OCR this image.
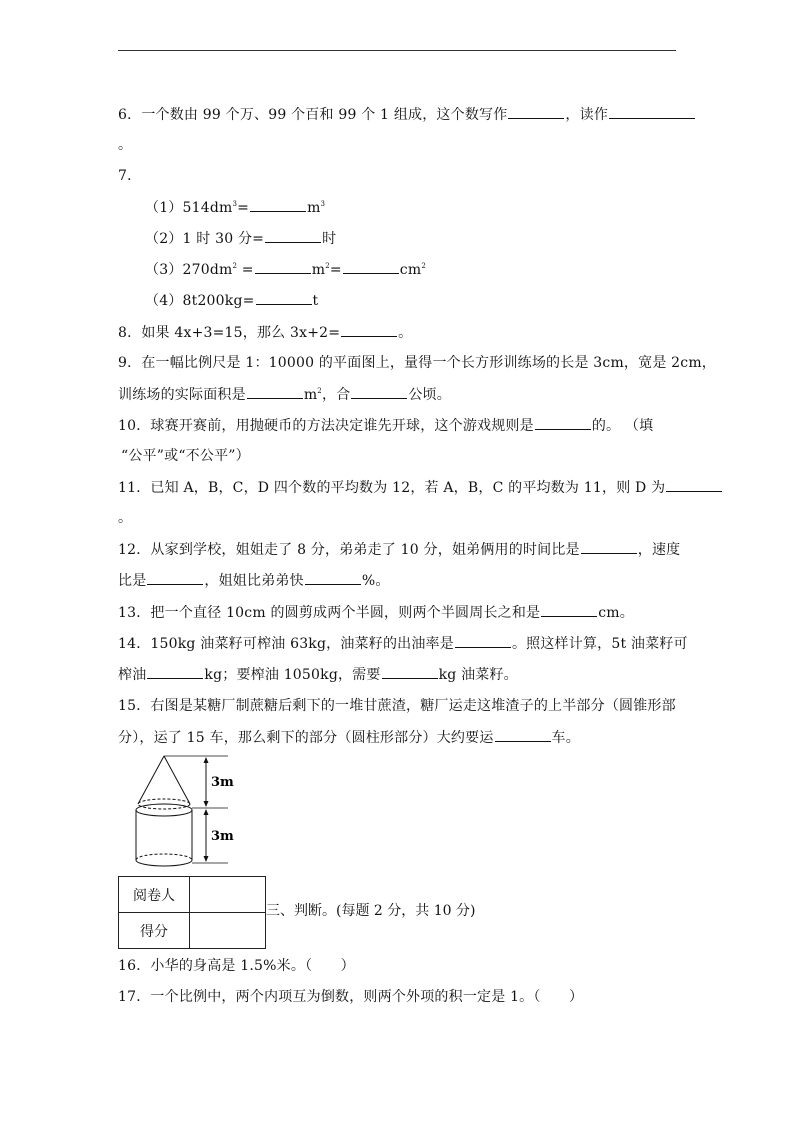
6．一个数由 99 个万、99 个百和 99 个 1 组成，这个数写作	，读作
。
7．
$(1)514dm^3=$	$m^3$
（2）1 时 30 分=	时
$(3)270dm^2$ =	$m^2=$	$cm^2$
（4）8t200kg=	t
8．如果 4x+3=15，那么 3x+2=	。
9．在一幅比例尺是 1：10000 的平面图上，量得一个长方形训练场的长是 3cm，宽是 2cm，
训练场的实际面积是	$m^2$，合	公顷。
10．球赛开赛前，用抛硬币的方法决定谁先开球，这个游戏规则是	的。 （填
“公平”或“不公平”）
11．已知 A，B，C，D 四个数的平均数为 12，若 A，B，C 的平均数为 11，则 D 为
。
12．从家到学校，姐姐走了 8 分，弟弟走了 10 分，姐弟俩用的时间比是	，速度
比是	，姐姐比弟弟快	%。
13．把一个直径 10cm 的圆剪成两个半圆，则两个半圆周长之和是	cm。
14．150kg 油菜籽可榨油 63kg，油菜籽的出油率是	。照这样计算，5t 油菜籽可
榨油	kg；要榨油 1050kg，需要	kg 油菜籽。
15．右图是某糖厂制蔗糖后剩下的一堆甘蔗渣，糖厂运走这堆渣子的上半部分（圆锥形部
分），运了 15 车，那么剩下的部分（圆柱形部分）大约要运	车。
3m
3m
阅卷人	
得分	
三、判断。(每题 2 分，共 10 分)
16．小华的身高是 1.5%米。（　　）
17．一个比例中，两个内项互为倒数，则两个外项的积一定是 1。（　　）
